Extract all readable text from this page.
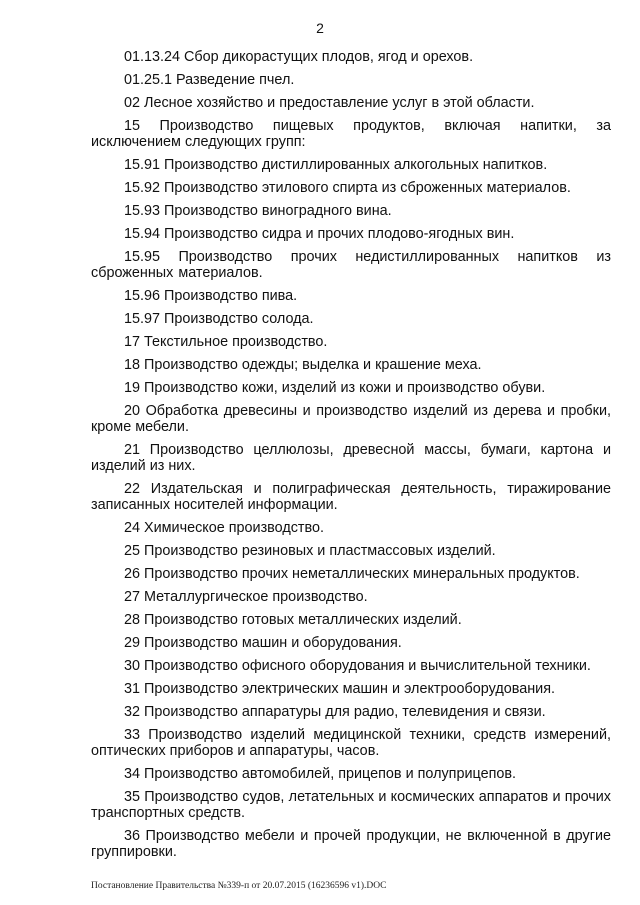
2
01.13.24 Сбор дикорастущих плодов, ягод и орехов.
01.25.1 Разведение пчел.
02 Лесное хозяйство и предоставление услуг в этой области.
15 Производство пищевых продуктов, включая напитки, за исключением следующих групп:
15.91 Производство дистиллированных алкогольных напитков.
15.92 Производство этилового спирта из сброженных материалов.
15.93 Производство виноградного вина.
15.94 Производство сидра и прочих плодово-ягодных вин.
15.95 Производство прочих недистиллированных напитков из сброженных материалов.
15.96 Производство пива.
15.97 Производство солода.
17 Текстильное производство.
18 Производство одежды; выделка и крашение меха.
19 Производство кожи, изделий из кожи и производство обуви.
20 Обработка древесины и производство изделий из дерева и пробки, кроме мебели.
21 Производство целлюлозы, древесной массы, бумаги, картона и изделий из них.
22 Издательская и полиграфическая деятельность, тиражирование записанных носителей информации.
24 Химическое производство.
25 Производство резиновых и пластмассовых изделий.
26 Производство прочих неметаллических минеральных продуктов.
27 Металлургическое производство.
28 Производство готовых металлических изделий.
29 Производство машин и оборудования.
30 Производство офисного оборудования и вычислительной техники.
31 Производство электрических машин и электрооборудования.
32 Производство аппаратуры для радио, телевидения и связи.
33 Производство изделий медицинской техники, средств измерений, оптических приборов и аппаратуры, часов.
34 Производство автомобилей, прицепов и полуприцепов.
35 Производство судов, летательных и космических аппаратов и прочих транспортных средств.
36 Производство мебели и прочей продукции, не включенной в другие группировки.
Постановление Правительства №339-п от 20.07.2015 (16236596 v1).DOC
